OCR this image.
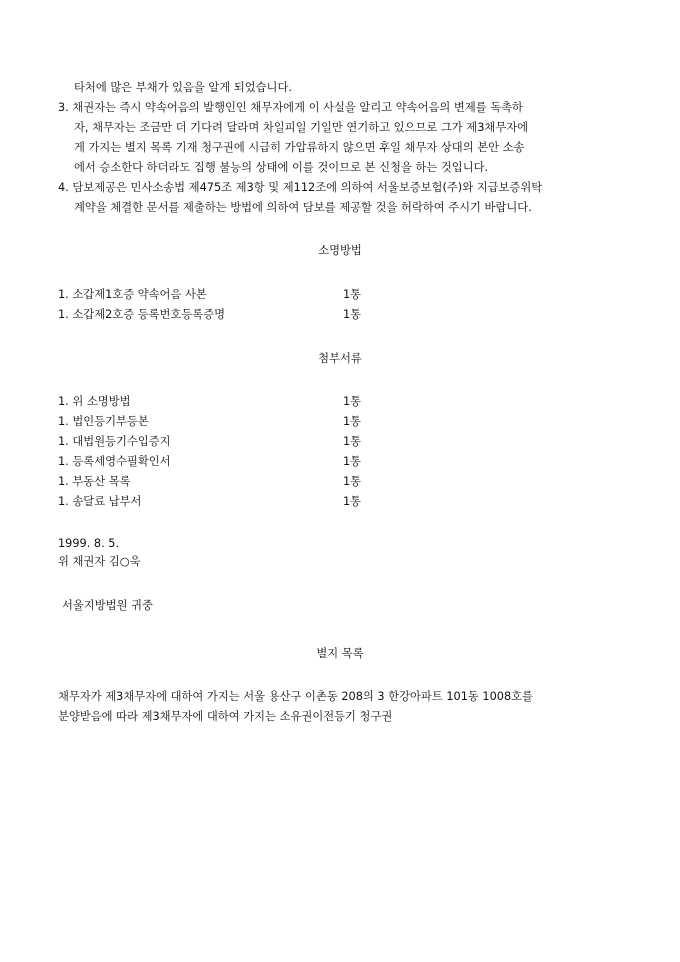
타처에 많은 부채가 있음을 알게 되었습니다.
3. 채권자는 즉시 약속어음의 발행인인 채무자에게 이 사실을 알리고 약속어음의 변제를 독촉하
자, 채무자는 조금만 더 기다려 달라며 차일피일 기일만 연기하고 있으므로 그가 제3채무자에
게 가지는 별지 목록 기재 청구권에 시급히 가압류하지 않으면 후일 채무자 상대의 본안 소송
에서 승소한다 하더라도 집행 불능의 상태에 이를 것이므로 본 신청을 하는 것입니다.
4. 담보제공은 민사소송법 제475조 제3항 및 제112조에 의하여 서울보증보험(주)와 지급보증위탁
계약을 체결한 문서를 제출하는 방법에 의하여 담보를 제공할 것을 허락하여 주시기 바랍니다.
소명방법
1. 소갑제1호증 약속어음 사본	1통
1. 소갑제2호증 등록번호등록증명	1통
첨부서류
1. 위 소명방법	1통
1. 법인등기부등본	1통
1. 대법원등기수입증지	1통
1. 등록세영수필확인서	1통
1. 부동산 목록	1통
1. 송달료 납부서	1통
1999. 8. 5.
위 채권자 김○욱
서울지방법원 귀중
별지 목록
채무자가 제3채무자에 대하여 가지는 서울 용산구 이촌동 208의 3 한강아파트 101동 1008호를
분양받음에 따라 제3채무자에 대하여 가지는 소유권이전등기 청구권
